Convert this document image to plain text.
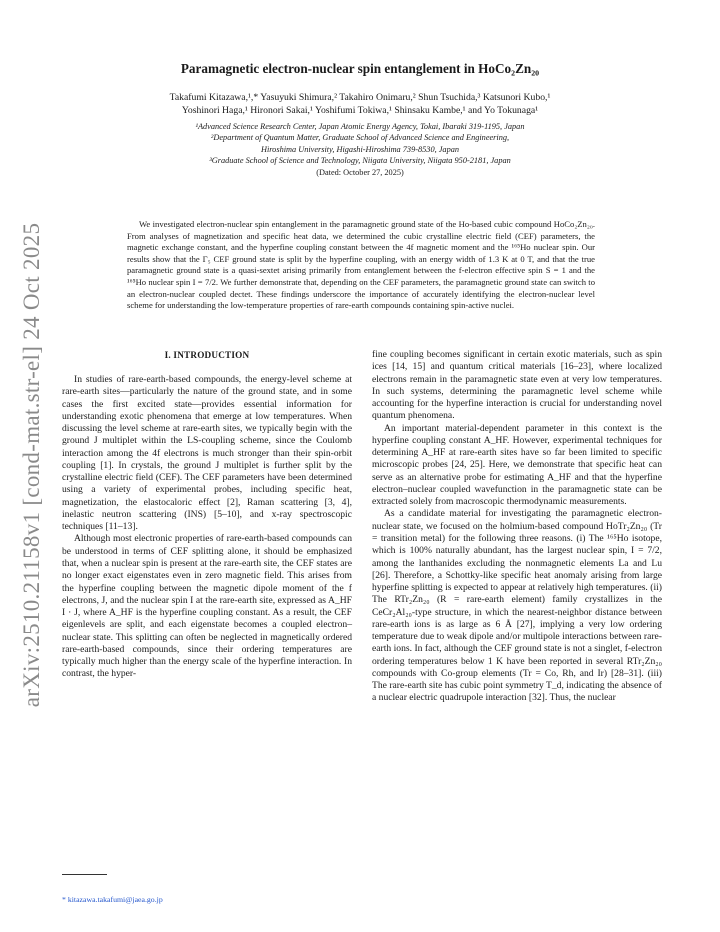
arXiv:2510.21158v1 [cond-mat.str-el] 24 Oct 2025
Paramagnetic electron-nuclear spin entanglement in HoCo₂Zn₂₀
Takafumi Kitazawa,¹,* Yasuyuki Shimura,² Takahiro Onimaru,² Shun Tsuchida,³ Katsunori Kubo,¹
Yoshinori Haga,¹ Hironori Sakai,¹ Yoshifumi Tokiwa,¹ Shinsaku Kambe,¹ and Yo Tokunaga¹
¹Advanced Science Research Center, Japan Atomic Energy Agency, Tokai, Ibaraki 319-1195, Japan
²Department of Quantum Matter, Graduate School of Advanced Science and Engineering,
Hiroshima University, Higashi-Hiroshima 739-8530, Japan
³Graduate School of Science and Technology, Niigata University, Niigata 950-2181, Japan
(Dated: October 27, 2025)

We investigated electron-nuclear spin entanglement in the paramagnetic ground state of the Ho-based cubic compound HoCo₂Zn₂₀. From analyses of magnetization and specific heat data, we determined the cubic crystalline electric field (CEF) parameters, the magnetic exchange constant, and the hyperfine coupling constant between the 4f magnetic moment and the ¹⁶⁵Ho nuclear spin. Our results show that the Γ₅ CEF ground state is split by the hyperfine coupling, with an energy width of 1.3 K at 0 T, and that the true paramagnetic ground state is a quasi-sextet arising primarily from entanglement between the f-electron effective spin S = 1 and the ¹⁶⁵Ho nuclear spin I = 7/2. We further demonstrate that, depending on the CEF parameters, the paramagnetic ground state can switch to an electron-nuclear coupled dectet. These findings underscore the importance of accurately identifying the electron-nuclear level scheme for understanding the low-temperature properties of rare-earth compounds containing spin-active nuclei.

I. INTRODUCTION

In studies of rare-earth-based compounds, the energy-level scheme at rare-earth sites—particularly the nature of the ground state, and in some cases the first excited state—provides essential information for understanding exotic phenomena that emerge at low temperatures. When discussing the level scheme at rare-earth sites, we typically begin with the ground J multiplet within the LS-coupling scheme, since the Coulomb interaction among the 4f electrons is much stronger than their spin-orbit coupling [1]. In crystals, the ground J multiplet is further split by the crystalline electric field (CEF). The CEF parameters have been determined using a variety of experimental probes, including specific heat, magnetization, the elastocaloric effect [2], Raman scattering [3, 4], inelastic neutron scattering (INS) [5–10], and x-ray spectroscopic techniques [11–13].

Although most electronic properties of rare-earth-based compounds can be understood in terms of CEF splitting alone, it should be emphasized that, when a nuclear spin is present at the rare-earth site, the CEF states are no longer exact eigenstates even in zero magnetic field. This arises from the hyperfine coupling between the magnetic dipole moment of the f electrons, J, and the nuclear spin I at the rare-earth site, expressed as A_HF I · J, where A_HF is the hyperfine coupling constant. As a result, the CEF eigenlevels are split, and each eigenstate becomes a coupled electron–nuclear state. This splitting can often be neglected in magnetically ordered rare-earth-based compounds, since their ordering temperatures are typically much higher than the energy scale of the hyperfine interaction. In contrast, the hyper-

fine coupling becomes significant in certain exotic materials, such as spin ices [14, 15] and quantum critical materials [16–23], where localized electrons remain in the paramagnetic state even at very low temperatures. In such systems, determining the paramagnetic level scheme while accounting for the hyperfine interaction is crucial for understanding novel quantum phenomena.

An important material-dependent parameter in this context is the hyperfine coupling constant A_HF. However, experimental techniques for determining A_HF at rare-earth sites have so far been limited to specific microscopic probes [24, 25]. Here, we demonstrate that specific heat can serve as an alternative probe for estimating A_HF and that the hyperfine electron–nuclear coupled wavefunction in the paramagnetic state can be extracted solely from macroscopic thermodynamic measurements.

As a candidate material for investigating the paramagnetic electron-nuclear state, we focused on the holmium-based compound HoTr₂Zn₂₀ (Tr = transition metal) for the following three reasons. (i) The ¹⁶⁵Ho isotope, which is 100% naturally abundant, has the largest nuclear spin, I = 7/2, among the lanthanides excluding the nonmagnetic elements La and Lu [26]. Therefore, a Schottky-like specific heat anomaly arising from large hyperfine splitting is expected to appear at relatively high temperatures. (ii) The RTr₂Zn₂₀ (R = rare-earth element) family crystallizes in the CeCr₂Al₂₀-type structure, in which the nearest-neighbor distance between rare-earth ions is as large as 6 Å [27], implying a very low ordering temperature due to weak dipole and/or multipole interactions between rare-earth ions. In fact, although the CEF ground state is not a singlet, f-electron ordering temperatures below 1 K have been reported in several RTr₂Zn₂₀ compounds with Co-group elements (Tr = Co, Rh, and Ir) [28–31]. (iii) The rare-earth site has cubic point symmetry T_d, indicating the absence of a nuclear electric quadrupole interaction [32]. Thus, the nuclear

* kitazawa.takafumi@jaea.go.jp
